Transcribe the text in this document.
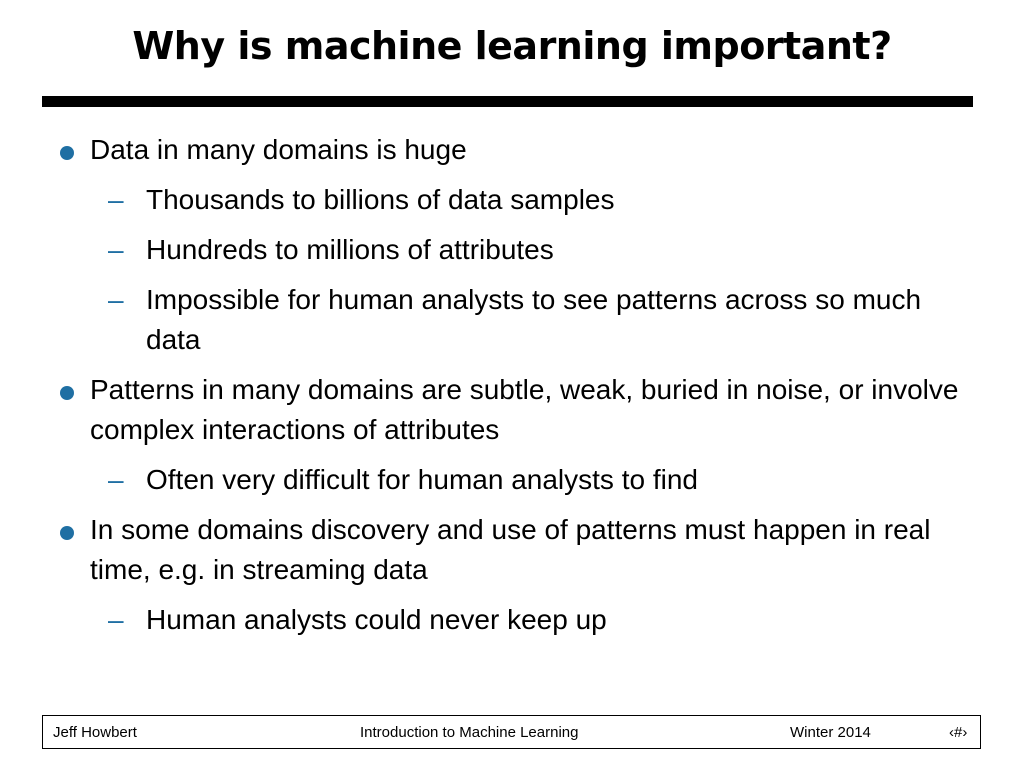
Why is machine learning important?
Data in many domains is huge
– Thousands to billions of data samples
– Hundreds to millions of attributes
– Impossible for human analysts to see patterns across so much data
Patterns in many domains are subtle, weak, buried in noise, or involve complex interactions of attributes
– Often very difficult for human analysts to find
In some domains discovery and use of patterns must happen in real time, e.g. in streaming data
– Human analysts could never keep up
Jeff Howbert	Introduction to Machine Learning	Winter 2014	‹#›
